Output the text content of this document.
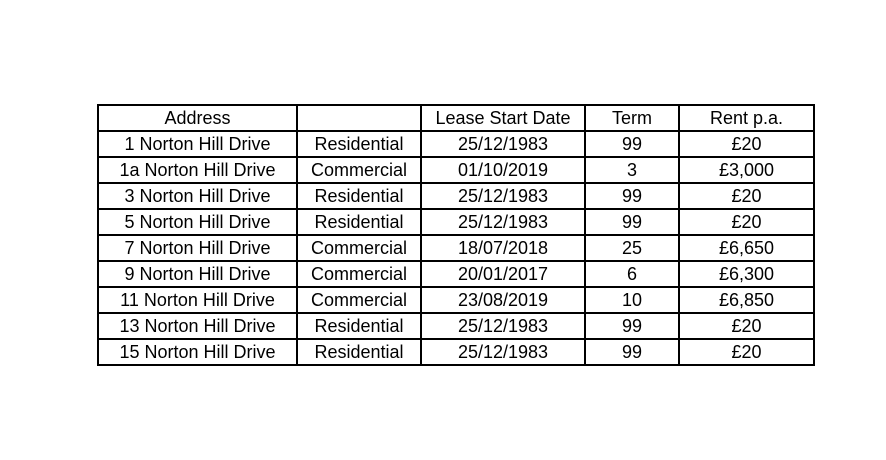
Address		Lease Start Date	Term	Rent p.a.
1 Norton Hill Drive	Residential	25/12/1983	99	£20
1a Norton Hill Drive	Commercial	01/10/2019	3	£3,000
3 Norton Hill Drive	Residential	25/12/1983	99	£20
5 Norton Hill Drive	Residential	25/12/1983	99	£20
7 Norton Hill Drive	Commercial	18/07/2018	25	£6,650
9 Norton Hill Drive	Commercial	20/01/2017	6	£6,300
11 Norton Hill Drive	Commercial	23/08/2019	10	£6,850
13 Norton Hill Drive	Residential	25/12/1983	99	£20
15 Norton Hill Drive	Residential	25/12/1983	99	£20
